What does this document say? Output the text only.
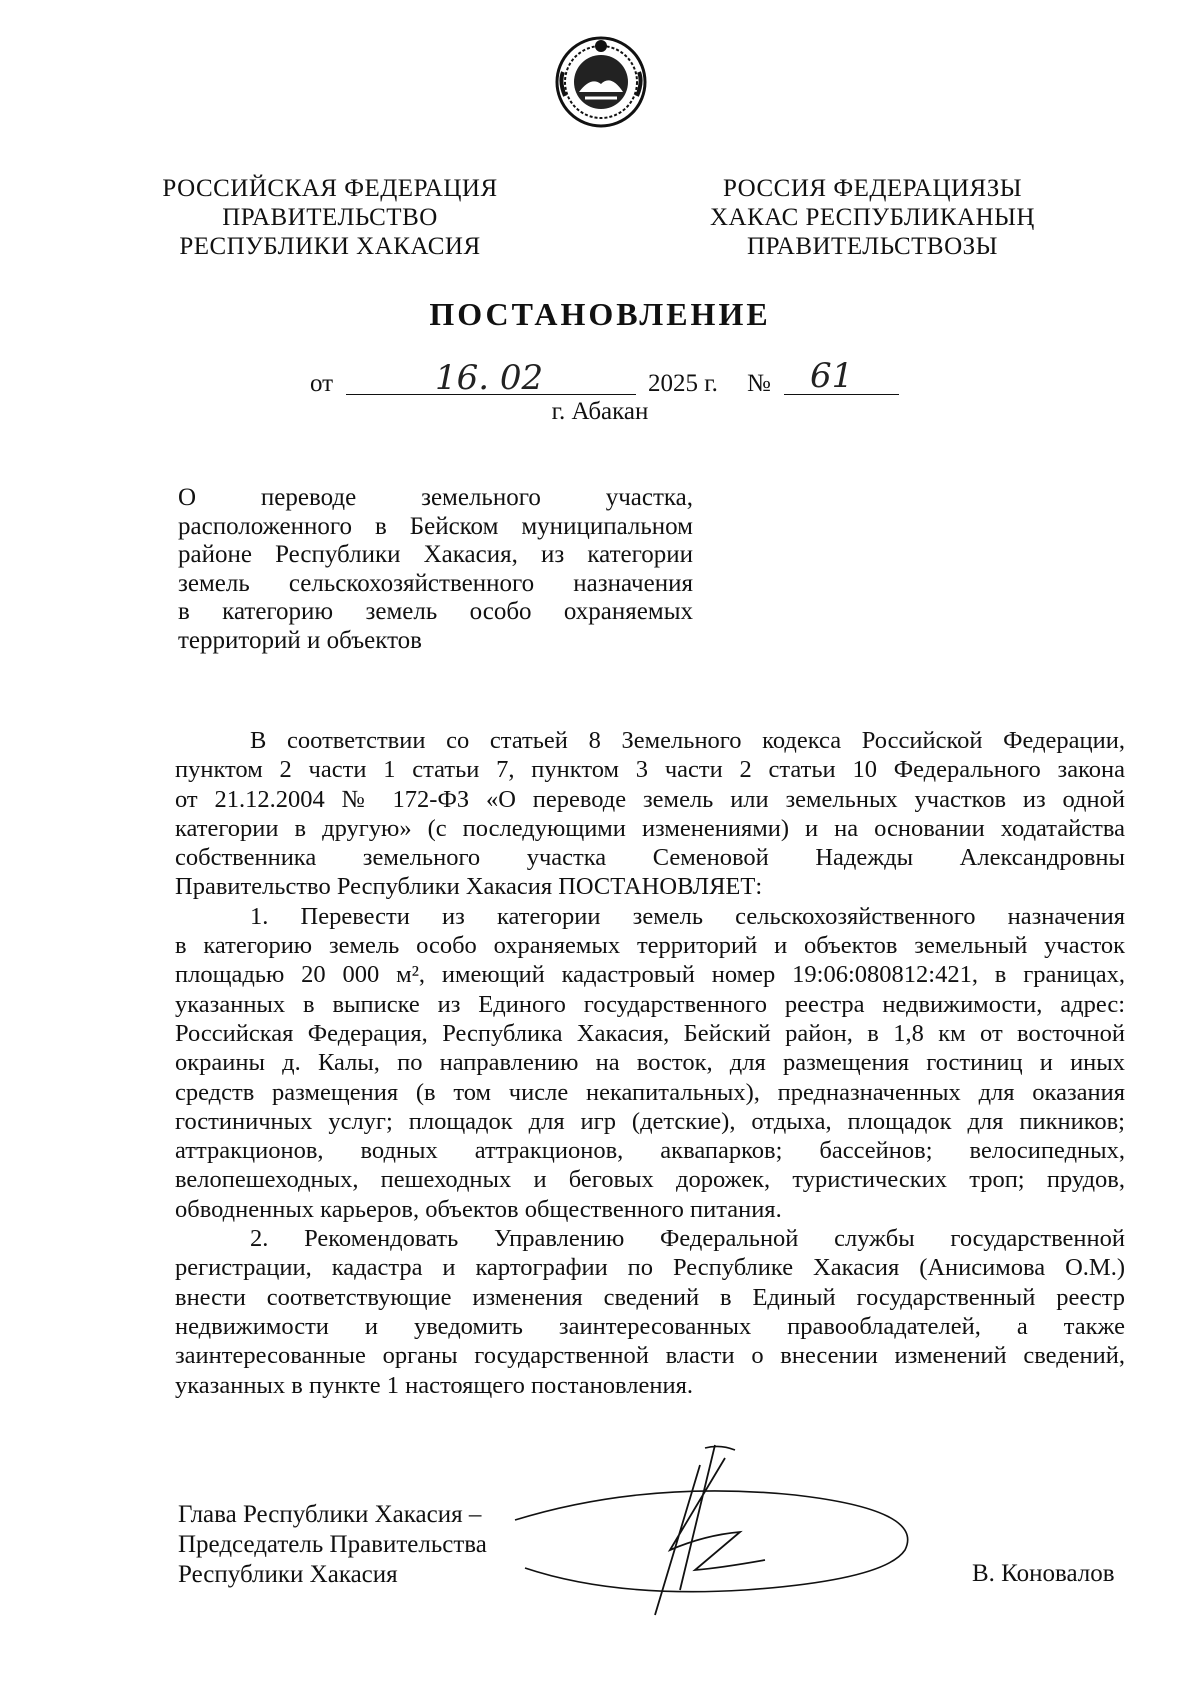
РОССИЙСКАЯ ФЕДЕРАЦИЯ
ПРАВИТЕЛЬСТВО
РЕСПУБЛИКИ ХАКАСИЯ
РОССИЯ ФЕДЕРАЦИЯЗЫ
ХАКАС РЕСПУБЛИКАНЫҢ
ПРАВИТЕЛЬСТВОЗЫ
ПОСТАНОВЛЕНИЕ
от	16. 02	2025 г. № 61
г. Абакан
О переводе земельного участка,
расположенного в Бейском муниципальном
районе Республики Хакасия, из категории
земель сельскохозяйственного назначения
в категорию земель особо охраняемых
территорий и объектов
В соответствии со статьей 8 Земельного кодекса Российской Федерации,
пунктом 2 части 1 статьи 7, пунктом 3 части 2 статьи 10 Федерального закона
от 21.12.2004 № 172-ФЗ «О переводе земель или земельных участков из одной
категории в другую» (с последующими изменениями) и на основании ходатайства
собственника земельного участка Семеновой Надежды Александровны
Правительство Республики Хакасия ПОСТАНОВЛЯЕТ:
1. Перевести из категории земель сельскохозяйственного назначения
в категорию земель особо охраняемых территорий и объектов земельный участок
площадью 20 000 м², имеющий кадастровый номер 19:06:080812:421, в границах,
указанных в выписке из Единого государственного реестра недвижимости, адрес:
Российская Федерация, Республика Хакасия, Бейский район, в 1,8 км от восточной
окраины д. Калы, по направлению на восток, для размещения гостиниц и иных
средств размещения (в том числе некапитальных), предназначенных для оказания
гостиничных услуг; площадок для игр (детские), отдыха, площадок для пикников;
аттракционов, водных аттракционов, аквапарков; бассейнов; велосипедных,
велопешеходных, пешеходных и беговых дорожек, туристических троп; прудов,
обводненных карьеров, объектов общественного питания.
2. Рекомендовать Управлению Федеральной службы государственной
регистрации, кадастра и картографии по Республике Хакасия (Анисимова О.М.)
внести соответствующие изменения сведений в Единый государственный реестр
недвижимости и уведомить заинтересованных правообладателей, а также
заинтересованные органы государственной власти о внесении изменений сведений,
указанных в пункте 1 настоящего постановления.
Глава Республики Хакасия –
Председатель Правительства
Республики Хакасия	В. Коновалов
